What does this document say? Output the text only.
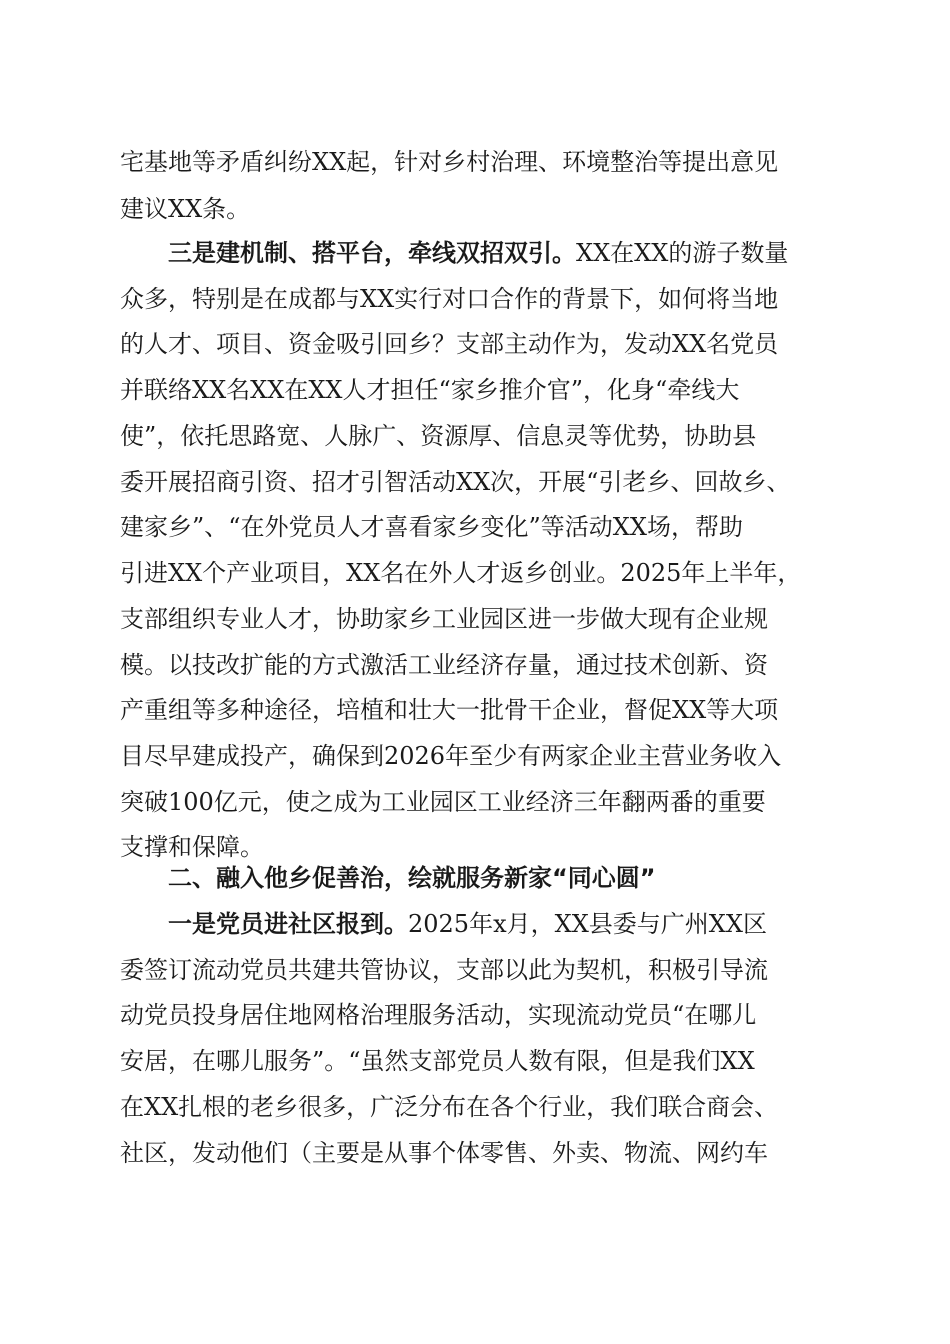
宅基地等矛盾纠纷XX起，针对乡村治理、环境整治等提出意见
建议XX条。
三是建机制、搭平台，牵线双招双引。XX在XX的游子数量
众多，特别是在成都与XX实行对口合作的背景下，如何将当地
的人才、项目、资金吸引回乡？支部主动作为，发动XX名党员
并联络XX名XX在XX人才担任“家乡推介官”，化身“牵线大
使”，依托思路宽、人脉广、资源厚、信息灵等优势，协助县
委开展招商引资、招才引智活动XX次，开展“引老乡、回故乡、
建家乡”、“在外党员人才喜看家乡变化”等活动XX场，帮助
引进XX个产业项目，XX名在外人才返乡创业。2025年上半年，
支部组织专业人才，协助家乡工业园区进一步做大现有企业规
模。以技改扩能的方式激活工业经济存量，通过技术创新、资
产重组等多种途径，培植和壮大一批骨干企业，督促XX等大项
目尽早建成投产，确保到2026年至少有两家企业主营业务收入
突破100亿元，使之成为工业园区工业经济三年翻两番的重要
支撑和保障。
二、融入他乡促善治，绘就服务新家“同心圆”
一是党员进社区报到。2025年x月，XX县委与广州XX区
委签订流动党员共建共管协议，支部以此为契机，积极引导流
动党员投身居住地网格治理服务活动，实现流动党员“在哪儿
安居，在哪儿服务”。“虽然支部党员人数有限，但是我们XX
在XX扎根的老乡很多，广泛分布在各个行业，我们联合商会、
社区，发动他们（主要是从事个体零售、外卖、物流、网约车
